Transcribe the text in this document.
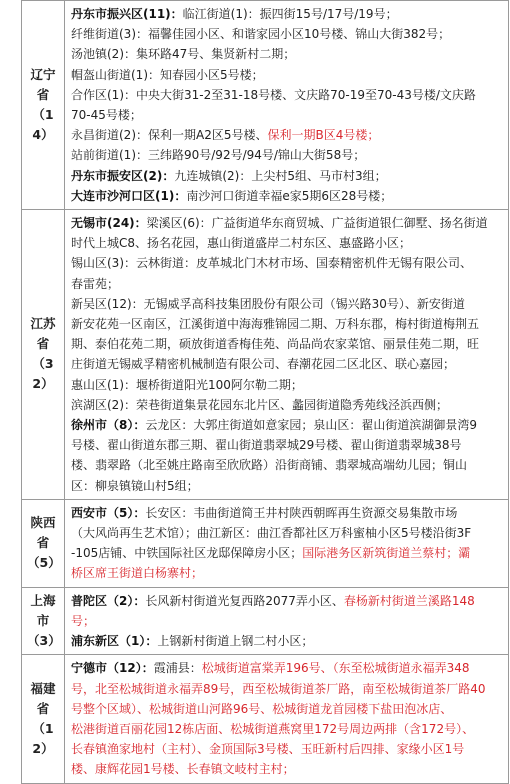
辽宁省（14）
丹东市振兴区(11)：临江街道(1)：振四街15号/17号/19号；
纤维街道(3)：福馨佳园小区、和谐家园小区10号楼、锦山大街382号；
汤池镇(2)：集环路47号、集贤新村二期；
帽盔山街道(1)：知春园小区5号楼；
合作区(1)：中央大街31-2至31-18号楼、文庆路70-19至70-43号楼/文庆路
70-45号楼；
永昌街道(2)：保利一期A2区5号楼、保利一期B区4号楼；
站前街道(1)：三纬路90号/92号/94号/锦山大街58号；
丹东市振安区(2)：九连城镇(2)：上尖村5组、马市村3组；
大连市沙河口区(1)：南沙河口街道幸福e家5期6区28号楼；
江苏省（32）
无锡市(24)：梁溪区(6)：广益街道华东商贸城、广益街道银仁御墅、扬名街道
时代上城C8、扬名花园，惠山街道盛岸二村东区、惠盛路小区；
锡山区(3)：云林街道：皮革城北门木材市场、国泰精密机件无锡有限公司、
春雷苑；
新吴区(12)：无锡威孚高科技集团股份有限公司（锡兴路30号）、新安街道
新安花苑一区南区，江溪街道中海海雅锦园二期、万科东郡，梅村街道梅荆五
期、泰伯花苑二期，硕放街道香梅佳苑、尚品尚农家菜馆、丽景佳苑二期，旺
庄街道无锡威孚精密机械制造有限公司、春潮花园二区北区、联心嘉园；
惠山区(1)：堰桥街道阳光100阿尔勒二期；
滨湖区(2)：荣巷街道集景花园东北片区、蠡园街道隐秀苑线泾浜西侧；
徐州市（8）：云龙区：大郭庄街道如意家园；泉山区：翟山街道滨湖御景湾9
号楼、翟山街道东郡三期、翟山街道翡翠城29号楼、翟山街道翡翠城38号
楼、翡翠路（北至姚庄路南至欣欣路）沿街商铺、翡翠城高端幼儿园；铜山
区：柳泉镇镜山村5组；
陕西省（5）
西安市（5）：长安区：韦曲街道简王井村陕西朝晖再生资源交易集散市场
（大风尚再生艺术馆）；曲江新区：曲江香都社区万科蜜柚小区5号楼沿街3F
-105店铺、中铁国际社区龙邸保障房小区；国际港务区新筑街道兰蔡村；灞
桥区席王街道白杨寨村；
上海市（3）
普陀区（2）：长风新村街道光复西路2077弄小区、春杨新村街道兰溪路148
号；
浦东新区（1）：上钢新村街道上钢二村小区；
福建省（12）
宁德市（12）：霞浦县：松城街道富棠弄196号、（东至松城街道永福弄348
号，北至松城街道永福弄89号，西至松城街道茶厂路，南至松城街道茶厂路40
号整个区域）、松城街道山河路96号、松城街道龙首园楼下盐田泡冰店、
松港街道百丽花园12栋店面、松城街道燕窝里172号周边两排（含172号）、
长春镇渔家地村（主村）、金顶国际3号楼、玉旺新村后四排、家缘小区1号
楼、康辉花园1号楼、长春镇文岐村主村；
